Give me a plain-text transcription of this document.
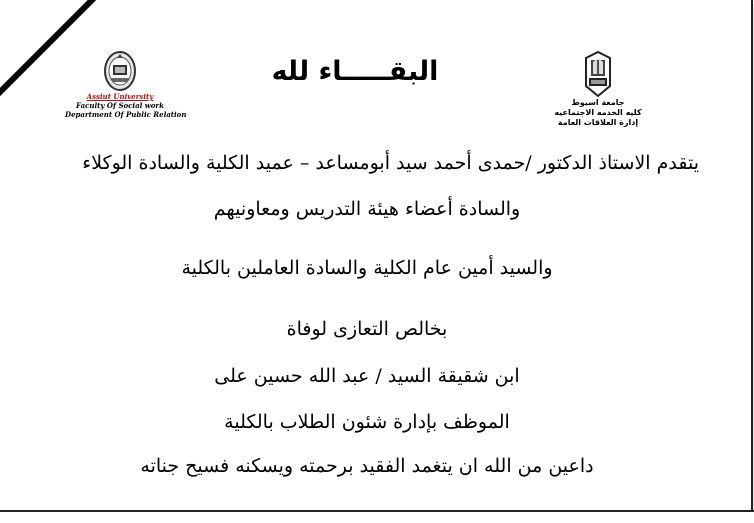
Assiut University
Faculty Of Social work
Department Of Public Relation
البقـــــاء لله
جامعة اسيوط
كليه الخدمه الاجتماعيه
إدارة العلاقات العامة
يتقدم الاستاذ الدكتور /حمدى أحمد سيد أبومساعد – عميد الكلية والسادة الوكلاء
والسادة أعضاء هيئة التدريس ومعاونيهم
والسيد أمين عام الكلية والسادة العاملين بالكلية
بخالص التعازى لوفاة
ابن شقيقة السيد / عبد الله حسين على
الموظف بإدارة شئون الطلاب بالكلية
داعين من الله ان يتغمد الفقيد برحمته ويسكنه فسيح جناته
